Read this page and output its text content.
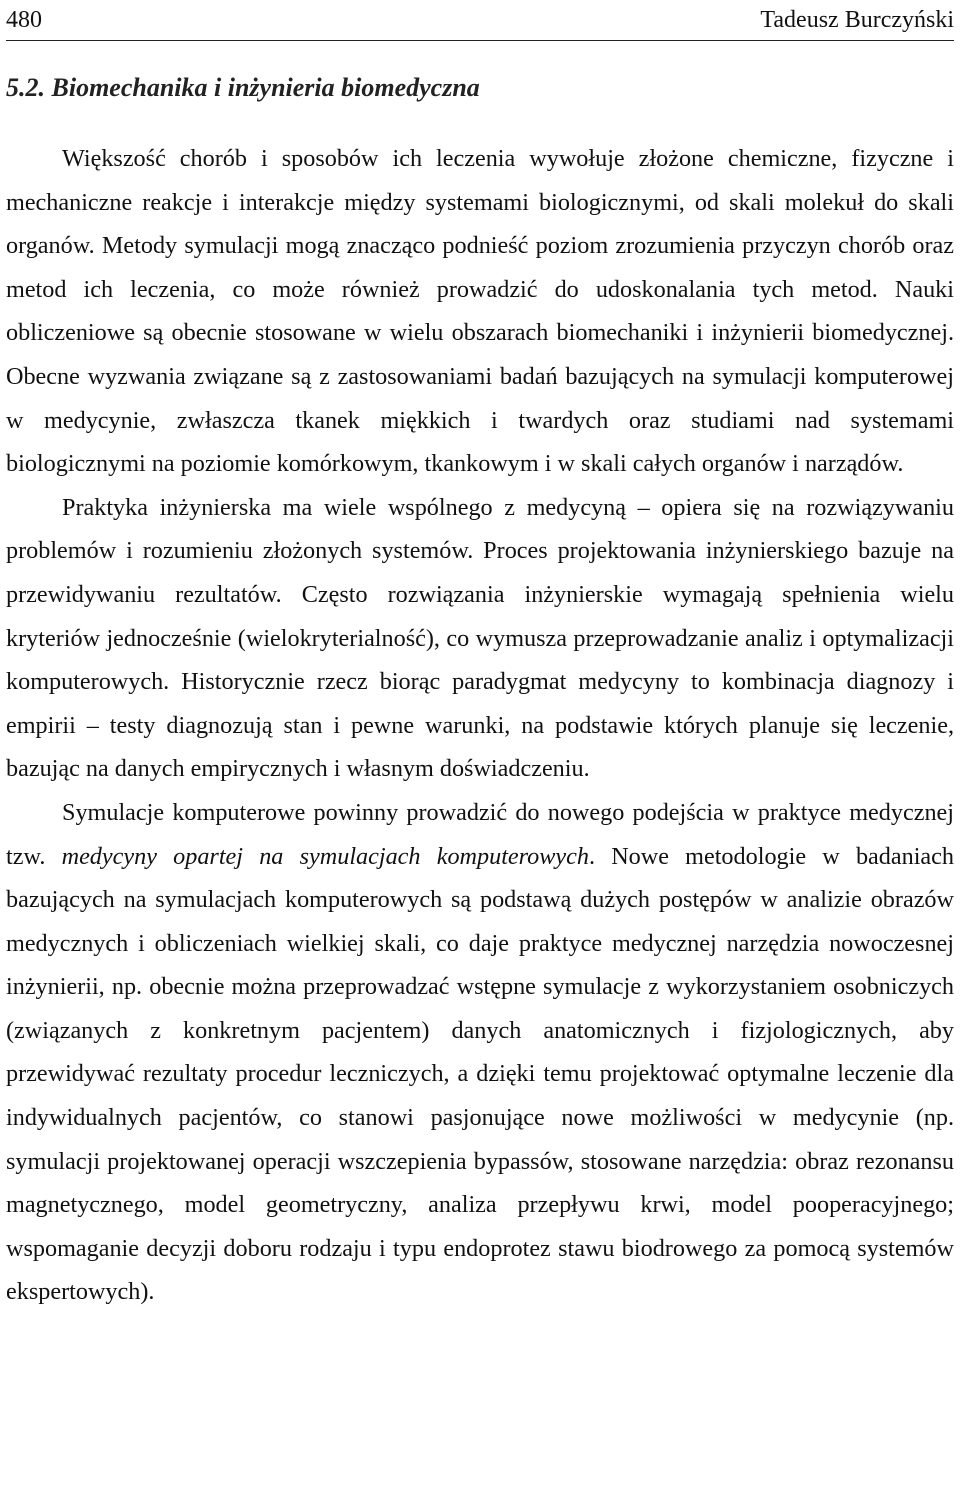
480	Tadeusz Burczyński
5.2. Biomechanika i inżynieria biomedyczna

Większość chorób i sposobów ich leczenia wywołuje złożone chemiczne, fizyczne i mechaniczne reakcje i interakcje między systemami biologicznymi, od skali molekuł do skali organów. Metody symulacji mogą znacząco podnieść poziom zrozumienia przyczyn chorób oraz metod ich leczenia, co może również prowadzić do udoskonalania tych metod. Nauki obliczeniowe są obecnie stosowane w wielu obszarach biomechaniki i inżynierii biomedycznej. Obecne wyzwania związane są z zastosowaniami badań bazujących na symulacji komputerowej w medycynie, zwłaszcza tkanek miękkich i twardych oraz studiami nad systemami biologicznymi na poziomie komórkowym, tkankowym i w skali całych organów i narządów.

Praktyka inżynierska ma wiele wspólnego z medycyną – opiera się na rozwiązywaniu problemów i rozumieniu złożonych systemów. Proces projektowania inżynierskiego bazuje na przewidywaniu rezultatów. Często rozwiązania inżynierskie wymagają spełnienia wielu kryteriów jednocześnie (wielokryterialność), co wymusza przeprowadzanie analiz i optymalizacji komputerowych. Historycznie rzecz biorąc paradygmat medycyny to kombinacja diagnozy i empirii – testy diagnozują stan i pewne warunki, na podstawie których planuje się leczenie, bazując na danych empirycznych i własnym doświadczeniu.

Symulacje komputerowe powinny prowadzić do nowego podejścia w praktyce medycznej tzw. medycyny opartej na symulacjach komputerowych. Nowe metodologie w badaniach bazujących na symulacjach komputerowych są podstawą dużych postępów w analizie obrazów medycznych i obliczeniach wielkiej skali, co daje praktyce medycznej narzędzia nowoczesnej inżynierii, np. obecnie można przeprowadzać wstępne symulacje z wykorzystaniem osobniczych (związanych z konkretnym pacjentem) danych anatomicznych i fizjologicznych, aby przewidywać rezultaty procedur leczniczych, a dzięki temu projektować optymalne leczenie dla indywidualnych pacjentów, co stanowi pasjonujące nowe możliwości w medycynie (np. symulacji projektowanej operacji wszczepienia bypassów, stosowane narzędzia: obraz rezonansu magnetycznego, model geometryczny, analiza przepływu krwi, model pooperacyjnego; wspomaganie decyzji doboru rodzaju i typu endoprotez stawu biodrowego za pomocą systemów ekspertowych).
